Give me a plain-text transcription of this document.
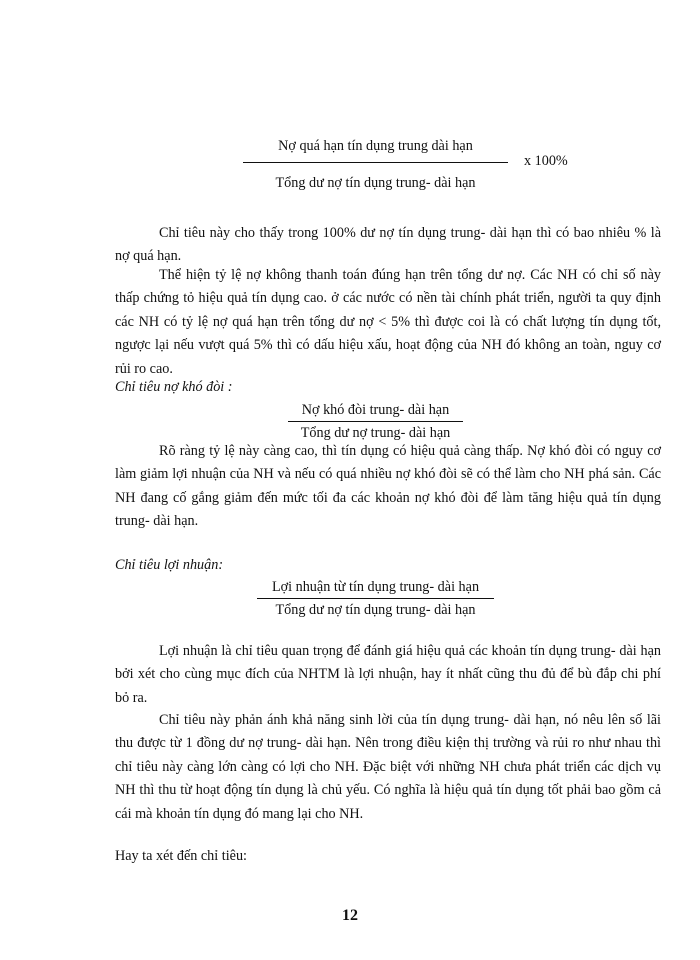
Nợ quá hạn tín dụng trung dài hạn
Tổng dư nợ tín dụng trung- dài hạn
x 100%

Chỉ tiêu này cho thấy trong 100% dư nợ tín dụng trung- dài hạn thì có bao nhiêu % là nợ quá hạn.

Thể hiện tỷ lệ nợ không thanh toán đúng hạn trên tổng dư nợ. Các NH có chỉ số này thấp chứng tỏ hiệu quả tín dụng cao. ở các nước có nền tài chính phát triển, người ta quy định các NH có tỷ lệ nợ quá hạn trên tổng dư nợ < 5% thì được coi là có chất lượng tín dụng tốt, ngược lại nếu vượt quá 5% thì có dấu hiệu xấu, hoạt động của NH đó không an toàn, nguy cơ rủi ro cao.

Chỉ tiêu nợ khó đòi :
Nợ khó đòi trung- dài hạn
Tổng dư nợ trung- dài hạn

Rõ ràng tỷ lệ này càng cao, thì tín dụng có hiệu quả càng thấp. Nợ khó đòi có nguy cơ làm giảm lợi nhuận của NH và nếu có quá nhiều nợ khó đòi sẽ có thể làm cho NH phá sản. Các NH đang cố gắng giảm đến mức tối đa các khoản nợ khó đòi để làm tăng hiệu quả tín dụng trung- dài hạn.

Chỉ tiêu lợi nhuận:
Lợi nhuận từ tín dụng trung- dài hạn
Tổng dư nợ tín dụng trung- dài hạn

Lợi nhuận là chỉ tiêu quan trọng để đánh giá hiệu quả các khoản tín dụng trung- dài hạn bởi xét cho cùng mục đích của NHTM là lợi nhuận, hay ít nhất cũng thu đủ để bù đắp chi phí bỏ ra.

Chỉ tiêu này phản ánh khả năng sinh lời của tín dụng trung- dài hạn, nó nêu lên số lãi thu được từ 1 đồng dư nợ trung- dài hạn. Nên trong điều kiện thị trường và rủi ro như nhau thì chỉ tiêu này càng lớn càng có lợi cho NH. Đặc biệt với những NH chưa phát triển các dịch vụ NH thì thu từ hoạt động tín dụng là chủ yếu. Có nghĩa là hiệu quả tín dụng tốt phải bao gồm cả cái mà khoản tín dụng đó mang lại cho NH.

Hay ta xét đến chỉ tiêu:

12
